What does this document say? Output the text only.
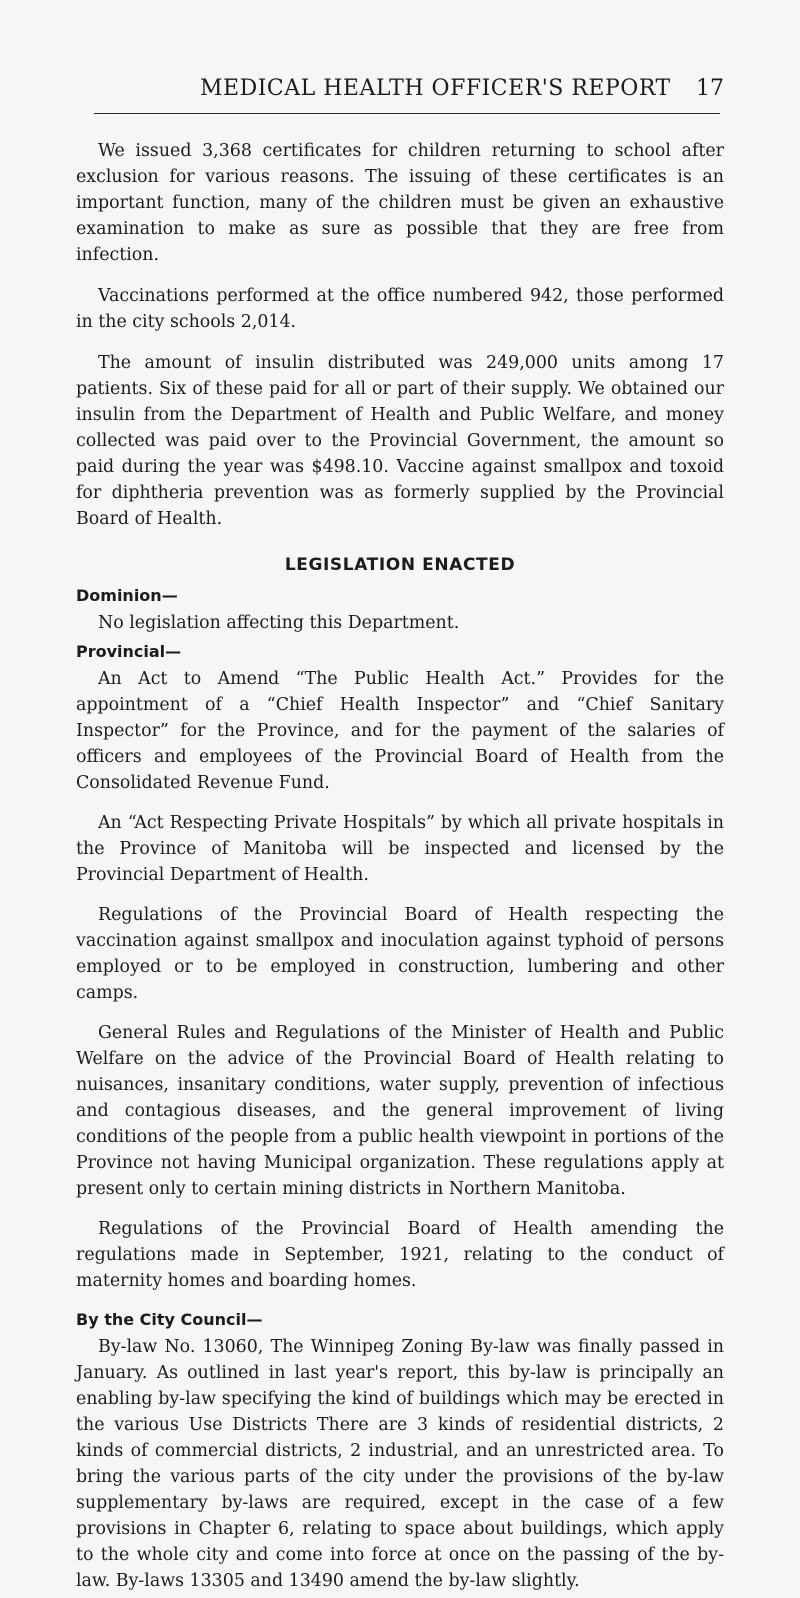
MEDICAL HEALTH OFFICER'S REPORT 17

We issued 3,368 certificates for children returning to school after exclusion for various reasons. The issuing of these certificates is an important function, many of the children must be given an exhaustive examination to make as sure as possible that they are free from infection.

Vaccinations performed at the office numbered 942, those performed in the city schools 2,014.

The amount of insulin distributed was 249,000 units among 17 patients. Six of these paid for all or part of their supply. We obtained our insulin from the Department of Health and Public Welfare, and money collected was paid over to the Provincial Government, the amount so paid during the year was $498.10. Vaccine against smallpox and toxoid for diphtheria prevention was as formerly supplied by the Provincial Board of Health.

LEGISLATION ENACTED
Dominion—

No legislation affecting this Department.

Provincial—

An Act to Amend “The Public Health Act.” Provides for the appointment of a “Chief Health Inspector” and “Chief Sanitary Inspector” for the Province, and for the payment of the salaries of officers and employees of the Provincial Board of Health from the Consolidated Revenue Fund.

An “Act Respecting Private Hospitals” by which all private hospitals in the Province of Manitoba will be inspected and licensed by the Provincial Department of Health.

Regulations of the Provincial Board of Health respecting the vaccination against smallpox and inoculation against typhoid of persons employed or to be employed in construction, lumbering and other camps.

General Rules and Regulations of the Minister of Health and Public Welfare on the advice of the Provincial Board of Health relating to nuisances, insanitary conditions, water supply, prevention of infectious and contagious diseases, and the general improvement of living conditions of the people from a public health viewpoint in portions of the Province not having Municipal organization. These regulations apply at present only to certain mining districts in Northern Manitoba.

Regulations of the Provincial Board of Health amending the regulations made in September, 1921, relating to the conduct of maternity homes and boarding homes.

By the City Council—

By-law No. 13060, The Winnipeg Zoning By-law was finally passed in January. As outlined in last year's report, this by-law is principally an enabling by-law specifying the kind of buildings which may be erected in the various Use Districts There are 3 kinds of residential districts, 2 kinds of commercial districts, 2 industrial, and an unrestricted area. To bring the various parts of the city under the provisions of the by-law supplementary by-laws are required, except in the case of a few provisions in Chapter 6, relating to space about buildings, which apply to the whole city and come into force at once on the passing of the by-law. By-laws 13305 and 13490 amend the by-law slightly.
